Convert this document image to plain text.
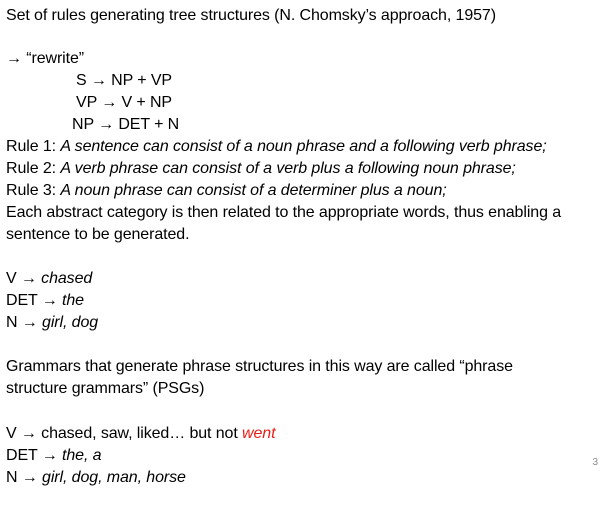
Set of rules generating tree structures (N. Chomsky’s approach, 1957)
→ “rewrite”
S → NP + VP
VP → V + NP
NP → DET + N
Rule 1: A sentence can consist of a noun phrase and a following verb phrase;
Rule 2: A verb phrase can consist of a verb plus a following noun phrase;
Rule 3: A noun phrase can consist of a determiner plus a noun;
Each abstract category is then related to the appropriate words, thus enabling a
sentence to be generated.
V → chased
DET → the
N → girl, dog
Grammars that generate phrase structures in this way are called “phrase
structure grammars” (PSGs)
V → chased, saw, liked… but not went
DET → the, a
N → girl, dog, man, horse
3
